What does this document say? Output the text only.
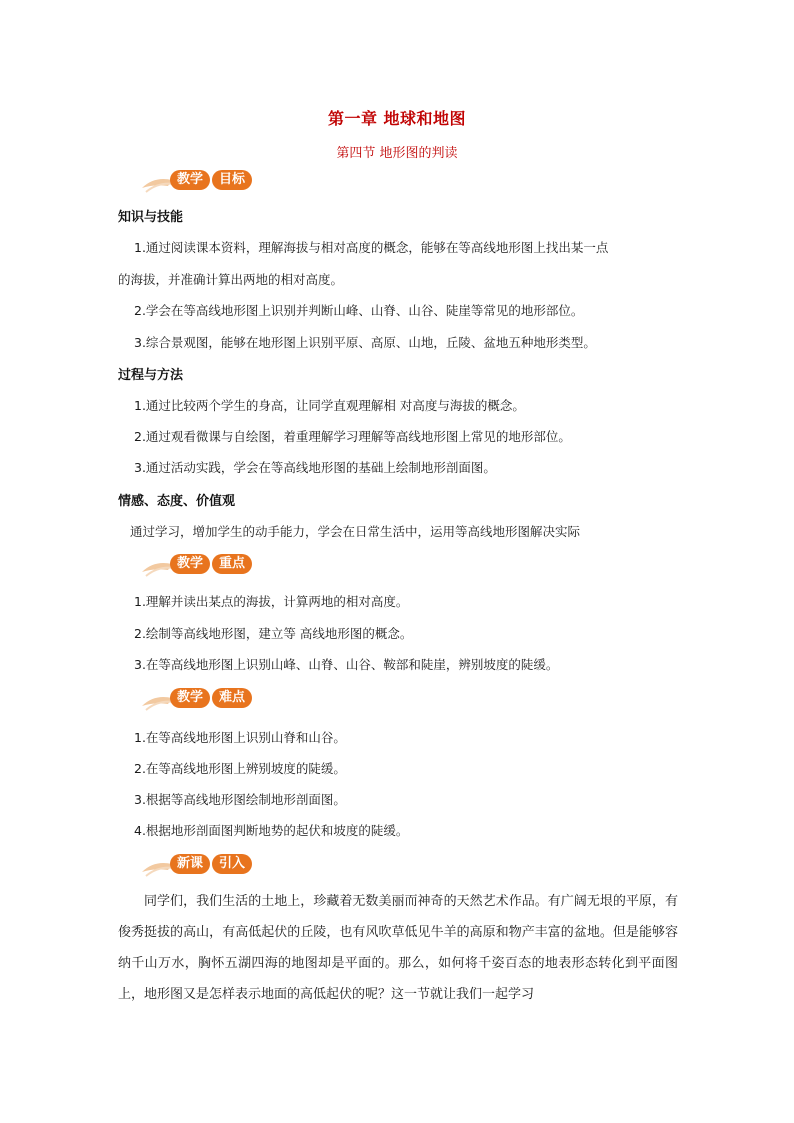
第一章 地球和地图
第四节 地形图的判读
教学	目标
知识与技能
1.通过阅读课本资料，理解海拔与相对高度的概念，能够在等高线地形图上找出某一点
的海拔，并准确计算出两地的相对高度。
2.学会在等高线地形图上识别并判断山峰、山脊、山谷、陡崖等常见的地形部位。
3.综合景观图，能够在地形图上识别平原、高原、山地，丘陵、盆地五种地形类型。
过程与方法
1.通过比较两个学生的身高，让同学直观理解相 对高度与海拔的概念。
2.通过观看微课与自绘图，着重理解学习理解等高线地形图上常见的地形部位。
3.通过活动实践，学会在等高线地形图的基础上绘制地形剖面图。
情感、态度、价值观
通过学习，增加学生的动手能力，学会在日常生活中，运用等高线地形图解决实际
教学	重点
1.理解并读出某点的海拔，计算两地的相对高度。
2.绘制等高线地形图，建立等 高线地形图的概念。
3.在等高线地形图上识别山峰、山脊、山谷、鞍部和陡崖，辨别坡度的陡缓。
教学	难点
1.在等高线地形图上识别山脊和山谷。
2.在等高线地形图上辨别坡度的陡缓。
3.根据等高线地形图绘制地形剖面图。
4.根据地形剖面图判断地势的起伏和坡度的陡缓。
新课	引入
同学们，我们生活的土地上，珍藏着无数美丽而神奇的天然艺术作品。有广阔无垠的平原，有俊秀挺拔的高山，有高低起伏的丘陵，也有风吹草低见牛羊的高原和物产丰富的盆地。但是能够容纳千山万水，胸怀五湖四海的地图却是平面的。那么，如何将千姿百态的地表形态转化到平面图上，地形图又是怎样表示地面的高低起伏的呢？这一节就让我们一起学习
